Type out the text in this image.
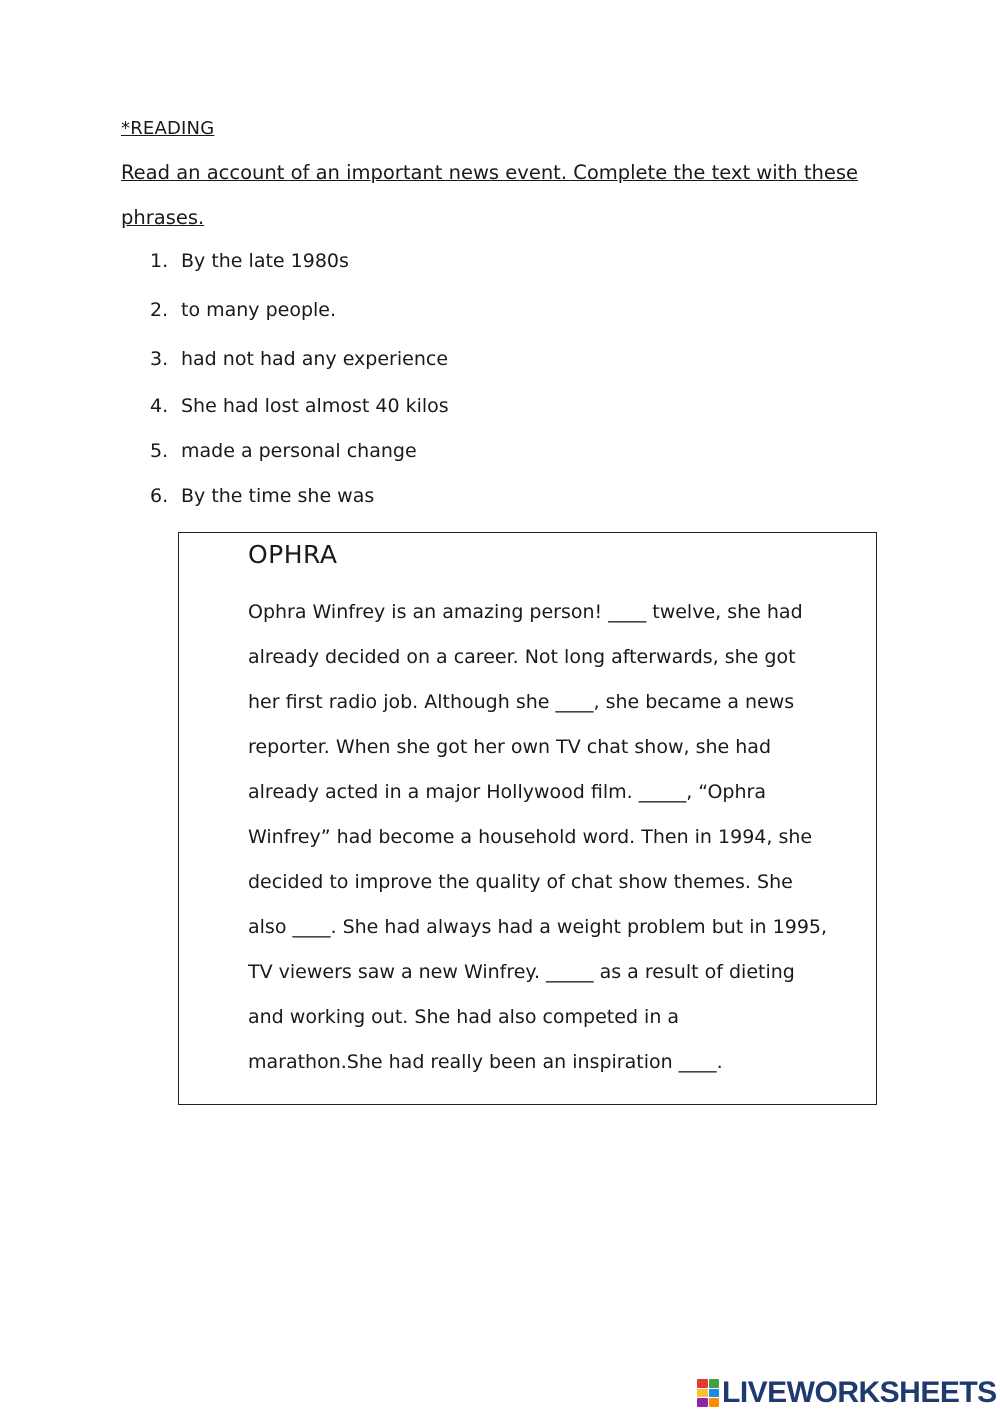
*READING
Read an account of an important news event. Complete the text with these phrases.
1. By the late 1980s
2. to many people.
3. had not had any experience
4. She had lost almost 40 kilos
5. made a personal change
6. By the time she was
OPHRA

Ophra Winfrey is an amazing person! ____ twelve, she had
already decided on a career. Not long afterwards, she got
her first radio job. Although she ____, she became a news
reporter. When she got her own TV chat show, she had
already acted in a major Hollywood film. _____, “Ophra
Winfrey” had become a household word. Then in 1994, she
decided to improve the quality of chat show themes. She
also ____. She had always had a weight problem but in 1995,
TV viewers saw a new Winfrey. _____ as a result of dieting
and working out. She had also competed in a
marathon.She had really been an inspiration ____.

LIVEWORKSHEETS
